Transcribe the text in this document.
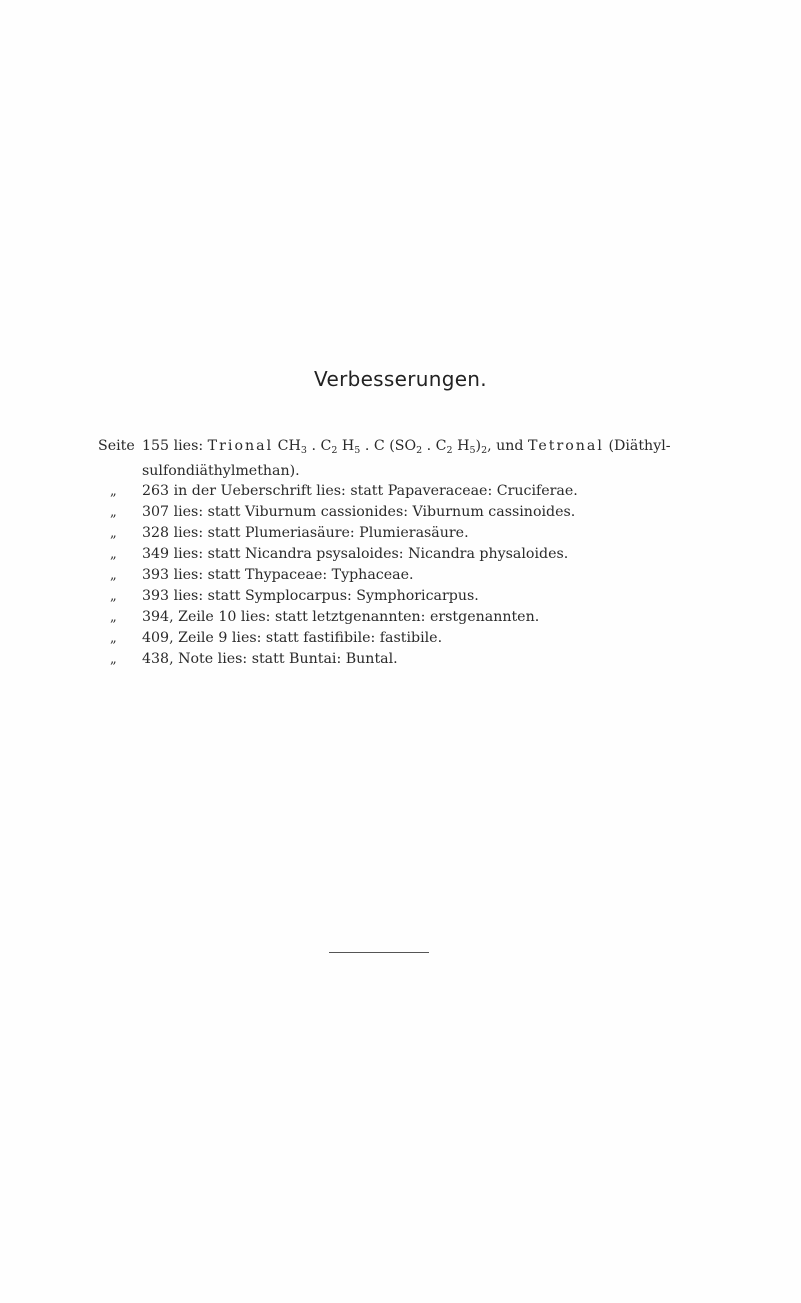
Verbesserungen.
Seite 155 lies: Trional $CH_3$ . $C_2$ $H_5$ . C ($SO_2$ . $C_2$ $H_5)_2$, und Tetronal (Diäthyl-
sulfondiäthylmethan).
„	263 in der Ueberschrift lies: statt Papaveraceae: Cruciferae.
„	307 lies: statt Viburnum cassionides: Viburnum cassinoides.
„	328 lies: statt Plumeriasäure: Plumierasäure.
„	349 lies: statt Nicandra psysaloides: Nicandra physaloides.
„	393 lies: statt Thypaceae: Typhaceae.
„	393 lies: statt Symplocarpus: Symphoricarpus.
„	394, Zeile 10 lies: statt letztgenannten: erstgenannten.
„	409, Zeile 9 lies: statt fastifibile: fastibile.
„	438, Note lies: statt Buntai: Buntal.
